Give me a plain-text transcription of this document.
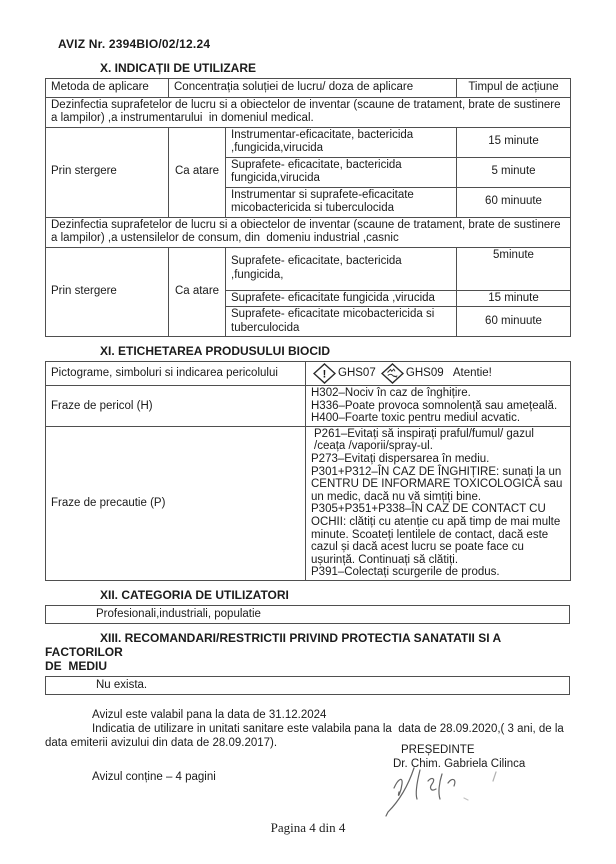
AVIZ Nr. 2394BIO/02/12.24
X. INDICAȚII DE UTILIZARE
Metoda de aplicare	Concentrația soluției de lucru/ doza de aplicare		Timpul de acțiune
Dezinfectia suprafetelor de lucru si a obiectelor de inventar (scaune de tratament, brate de sustinere a lampilor) ,a instrumentarului  in domeniul medical.			
Prin stergere	Ca atare	Instrumentar-eficacitate, bactericida ,fungicida,virucida	15 minute
		Suprafete- eficacitate, bactericida fungicida,virucida	5 minute
		Instrumentar si suprafete-eficacitate micobactericida si tuberculocida	60 minuute
Dezinfectia suprafetelor de lucru si a obiectelor de inventar (scaune de tratament, brate de sustinere a lampilor) ,a ustensilelor de consum, din  domeniu industrial ,casnic			
Prin stergere	Ca atare	Suprafete- eficacitate, bactericida ,fungicida,	5minute
		Suprafete- eficacitate fungicida ,virucida	15 minute
		Suprafete- eficacitate micobactericida si tuberculocida	60 minuute
XI. ETICHETAREA PRODUSULUI BIOCID
Pictograme, simboluri si indicarea pericolului	! GHS07 GHS09 Atentie!
Fraze de pericol (H)	H302–Nociv în caz de înghițire.
H336–Poate provoca somnolență sau amețeală.
H400–Foarte toxic pentru mediul acvatic.

Fraze de precautie (P)	P261–Evitați să inspirați praful/fumul/ gazul /ceața /vaporii/spray-ul.
P273–Evitați dispersarea în mediu.
P301+P312–ÎN CAZ DE ÎNGHIȚIRE: sunați la un CENTRU DE INFORMARE TOXICOLOGICĂ sau un medic, dacă nu vă simțiți bine.
P305+P351+P338–ÎN CAZ DE CONTACT CU OCHII: clătiți cu atenție cu apă timp de mai multe minute. Scoateți lentilele de contact, dacă este cazul și dacă acest lucru se poate face cu ușurință. Continuați să clătiți.
P391–Colectați scurgerile de produs.
XII. CATEGORIA DE UTILIZATORI
Profesionali,industriali, populatie
XIII. RECOMANDARI/RESTRICTII PRIVIND PROTECTIA SANATATII SI A FACTORILOR
DE  MEDIU
Nu exista.

Avizul este valabil pana la data de 31.12.2024

Indicatia de utilizare in unitati sanitare este valabila pana la  data de 28.09.2020,( 3 ani, de la data emiterii avizului din data de 28.09.2017).

Avizul conține – 4 pagini
PREȘEDINTE
Dr. Chim. Gabriela Cilinca
Pagina 4 din 4
